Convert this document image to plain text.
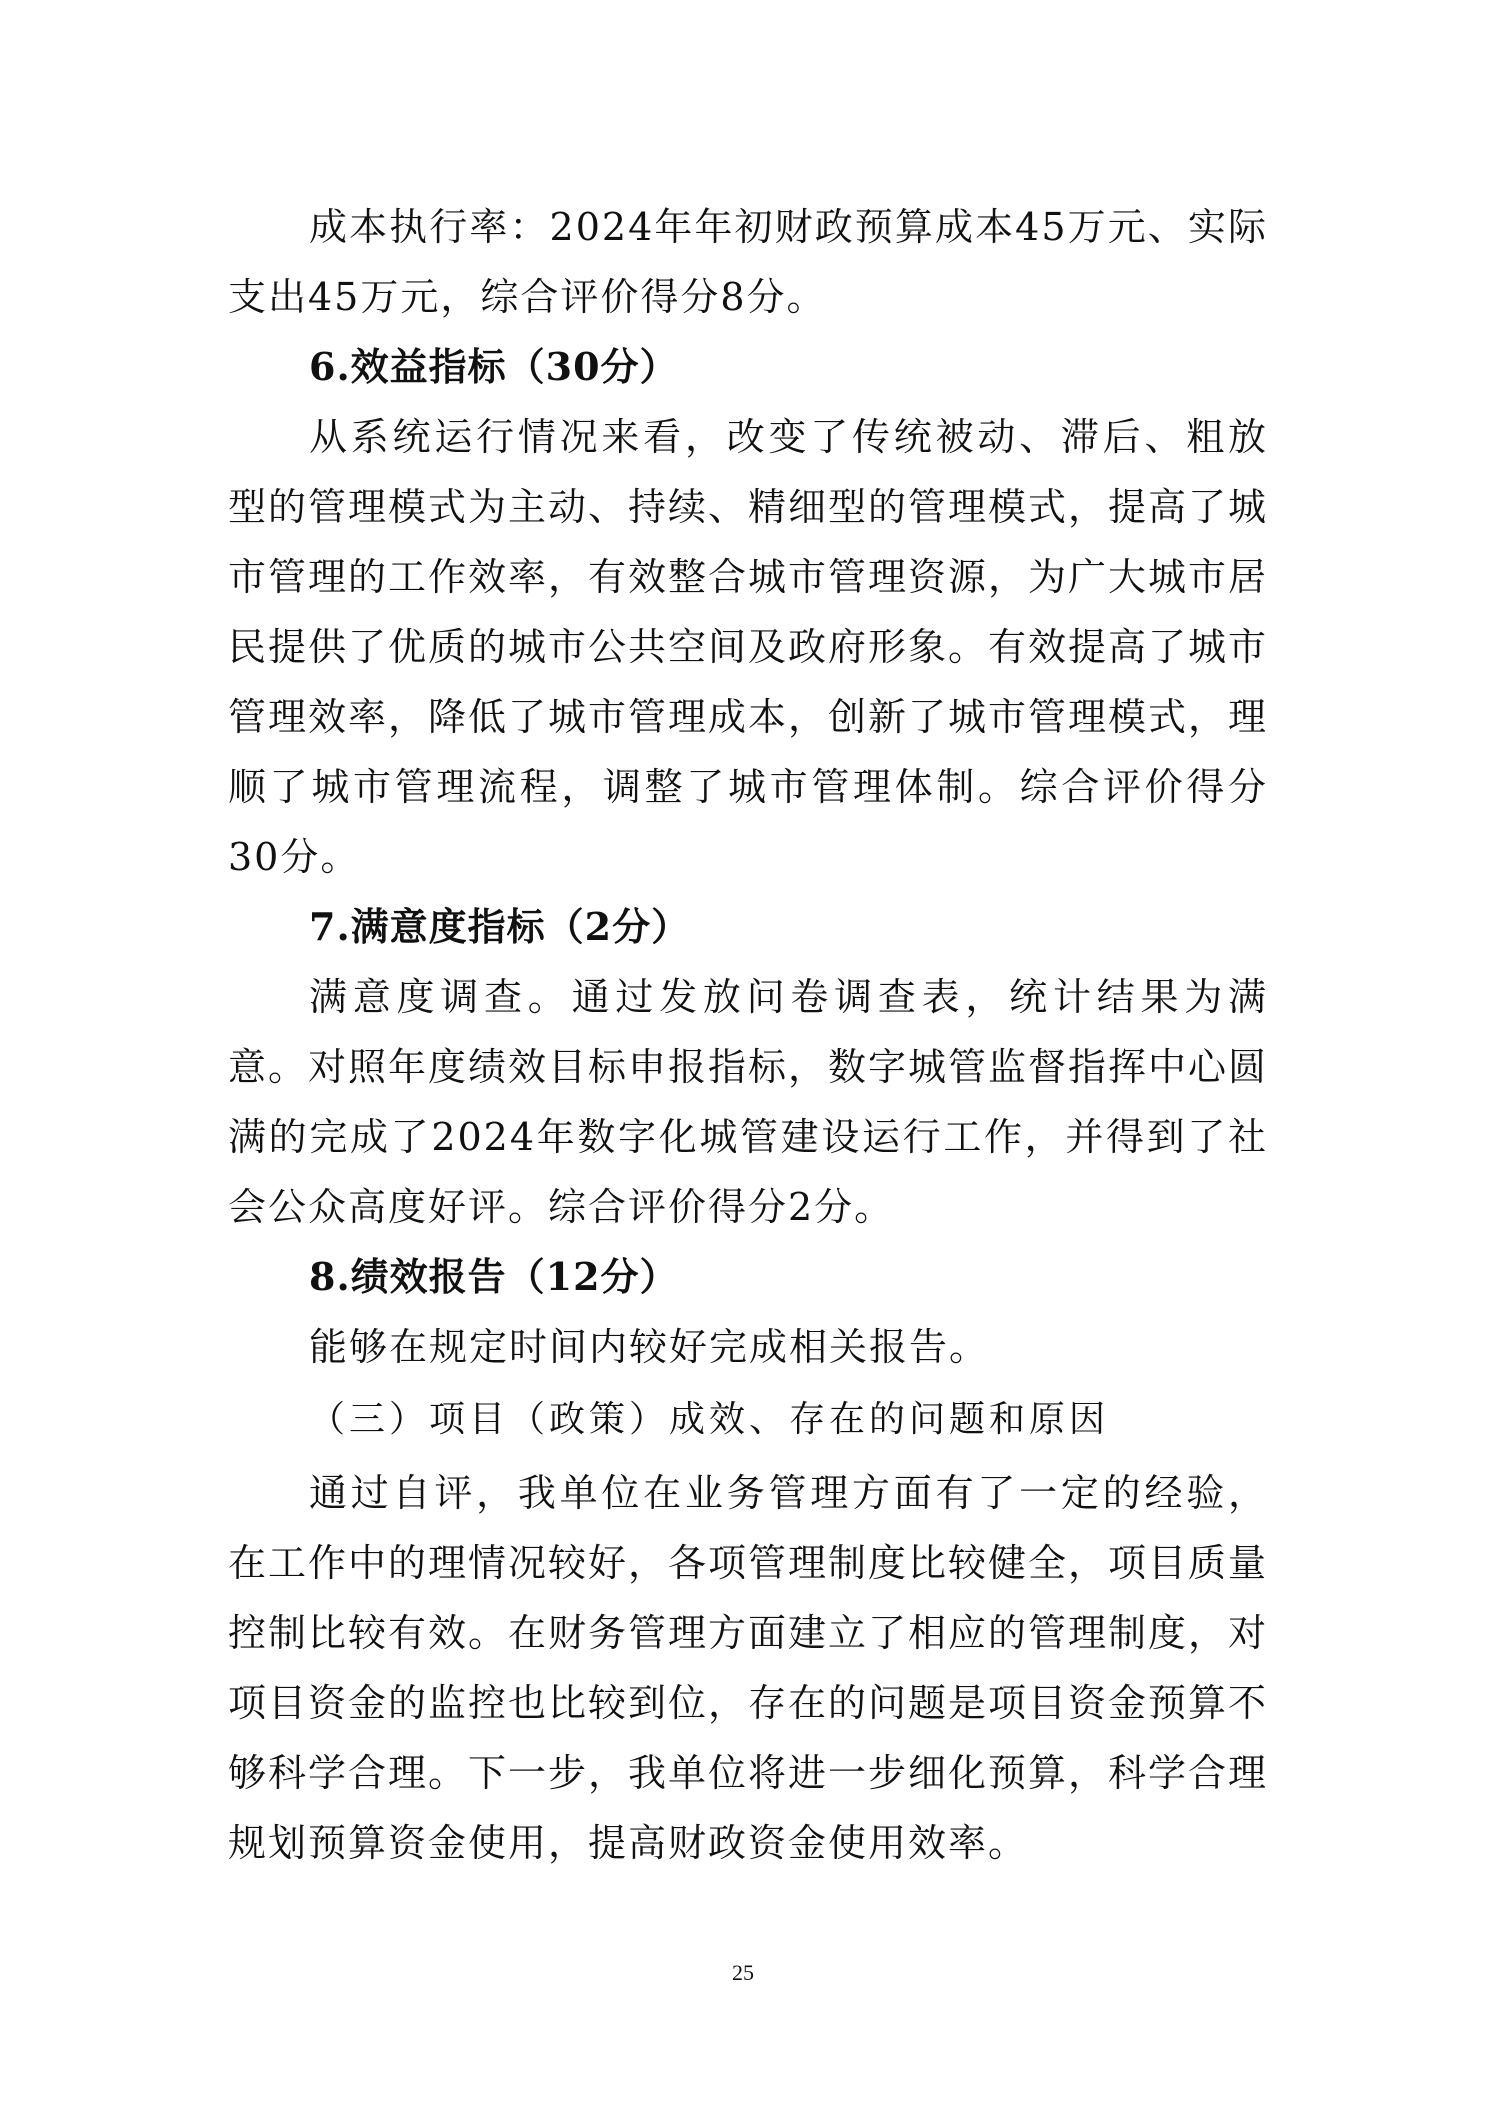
成本执行率：2024年年初财政预算成本45万元、实际支出45万元，综合评价得分8分。

6.效益指标（30分）

从系统运行情况来看，改变了传统被动、滞后、粗放型的管理模式为主动、持续、精细型的管理模式，提高了城市管理的工作效率，有效整合城市管理资源，为广大城市居民提供了优质的城市公共空间及政府形象。有效提高了城市管理效率，降低了城市管理成本，创新了城市管理模式，理顺了城市管理流程，调整了城市管理体制。综合评价得分30分。

7.满意度指标（2分）

满意度调查。通过发放问卷调查表，统计结果为满意。对照年度绩效目标申报指标，数字城管监督指挥中心圆满的完成了2024年数字化城管建设运行工作，并得到了社会公众高度好评。综合评价得分2分。

8.绩效报告（12分）

能够在规定时间内较好完成相关报告。

（三）项目（政策）成效、存在的问题和原因

通过自评，我单位在业务管理方面有了一定的经验，在工作中的理情况较好，各项管理制度比较健全，项目质量控制比较有效。在财务管理方面建立了相应的管理制度，对项目资金的监控也比较到位，存在的问题是项目资金预算不够科学合理。下一步，我单位将进一步细化预算，科学合理规划预算资金使用，提高财政资金使用效率。

25
